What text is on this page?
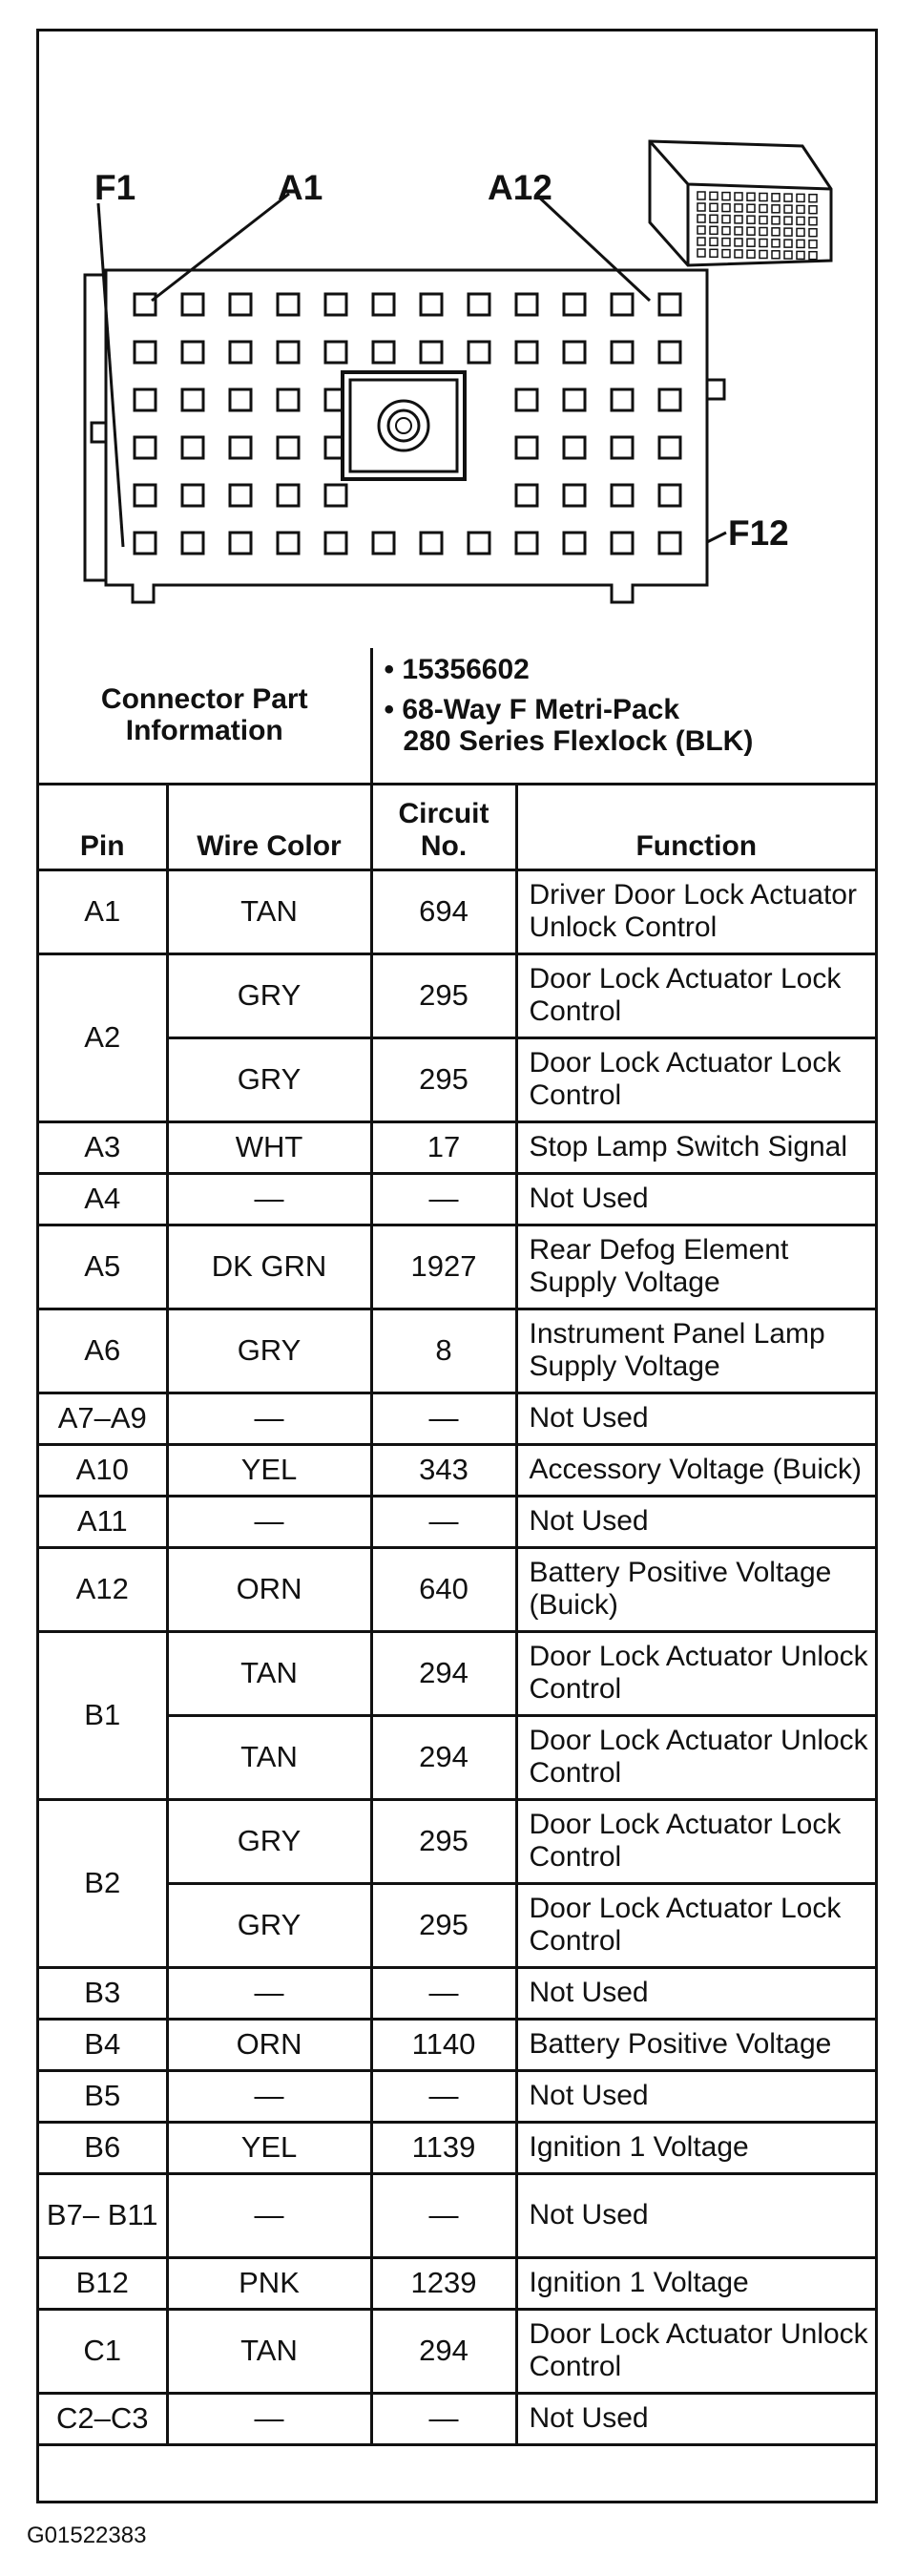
F1	A1	A12
F12
Connector Part Information		• 15356602
• 68-Way F Metri-Pack
280 Series Flexlock (BLK)	

Pin	Wire Color	Circuit No.	Function
A1	TAN	694	Driver Door Lock Actuator Unlock Control
A2	GRY	295	Door Lock Actuator Lock Control
	GRY	295	Door Lock Actuator Lock Control
A3	WHT	17	Stop Lamp Switch Signal
A4	—	—	Not Used
A5	DK GRN	1927	Rear Defog Element Supply Voltage
A6	GRY	8	Instrument Panel Lamp Supply Voltage
A7–A9	—	—	Not Used
A10	YEL	343	Accessory Voltage (Buick)
A11	—	—	Not Used
A12	ORN	640	Battery Positive Voltage (Buick)
B1	TAN	294	Door Lock Actuator Unlock Control
	TAN	294	Door Lock Actuator Unlock Control
B2	GRY	295	Door Lock Actuator Lock Control
	GRY	295	Door Lock Actuator Lock Control
B3	—	—	Not Used
B4	ORN	1140	Battery Positive Voltage
B5	—	—	Not Used
B6	YEL	1139	Ignition 1 Voltage
B7– B11	—	—	Not Used
B12	PNK	1239	Ignition 1 Voltage
C1	TAN	294	Door Lock Actuator Unlock Control
C2–C3	—	—	Not Used
G01522383
